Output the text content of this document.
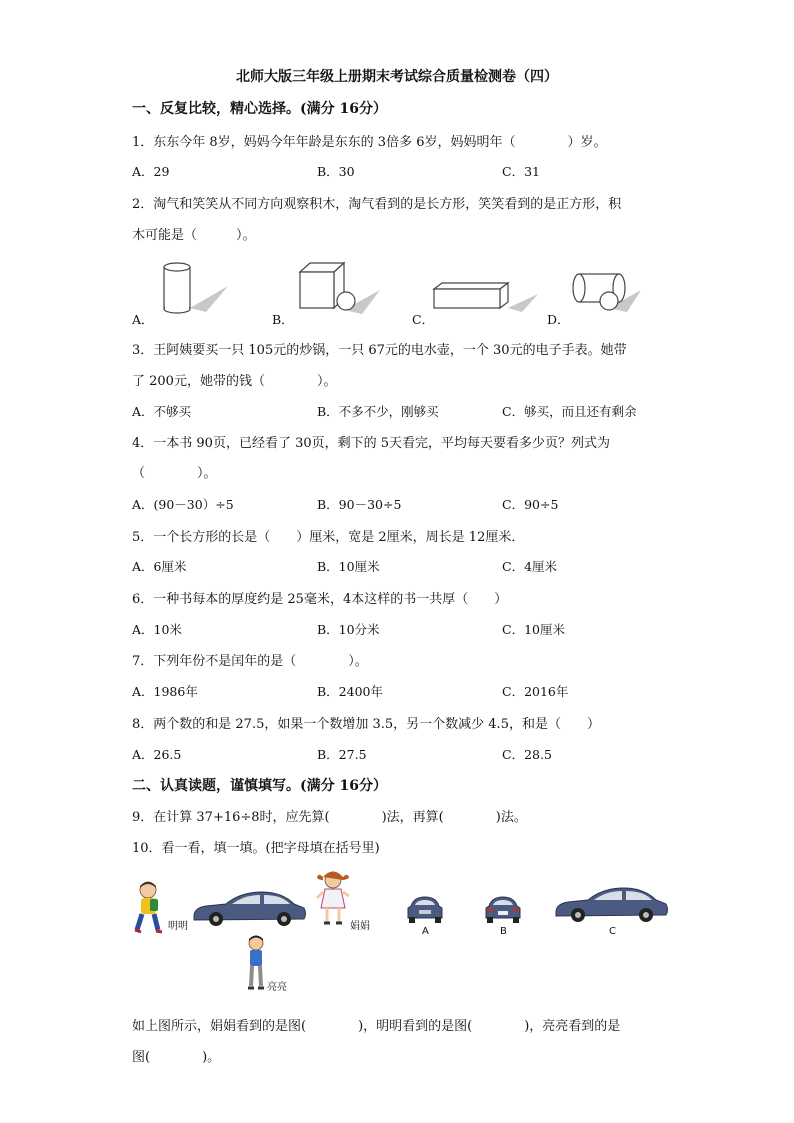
北师大版三年级上册期末考试综合质量检测卷（四）
一、反复比较，精心选择。(满分 16分）
1．东东今年 8岁，妈妈今年年龄是东东的 3倍多 6岁，妈妈明年（　　　　）岁。
A．29	B．30	C．31
2．淘气和笑笑从不同方向观察积木，淘气看到的是长方形，笑笑看到的是正方形，积
木可能是（　　　）。
A．	B．	C．	D．
3．王阿姨要买一只 105元的炒锅，一只 67元的电水壶，一个 30元的电子手表。她带
了 200元，她带的钱（　　　　）。
A．不够买	B．不多不少，刚够买	C．够买，而且还有剩余
4．一本书 90页，已经看了 30页，剩下的 5天看完，平均每天要看多少页？列式为
（　　　　）。
A．(90－30）÷5	B．90－30÷5	C．90÷5
5．一个长方形的长是（　　）厘米，宽是 2厘米，周长是 12厘米．
A．6厘米	B．10厘米	C．4厘米
6．一种书每本的厚度约是 25毫米，4本这样的书一共厚（　　）
A．10米	B．10分米	C．10厘米
7．下列年份不是闰年的是（　　　　）。
A．1986年	B．2400年	C．2016年
8．两个数的和是 27.5，如果一个数增加 3.5，另一个数减少 4.5，和是（　　）
A．26.5	B．27.5	C．28.5
二、认真读题，谨慎填写。(满分 16分）
9．在计算 37+16÷8时，应先算(　　　　)法，再算(　　　　)法。
10．看一看，填一填。(把字母填在括号里)
明明	娟娟
亮亮
A	B	C
如上图所示，娟娟看到的是图(　　　　)，明明看到的是图(　　　　)，亮亮看到的是
图(　　　　)。
